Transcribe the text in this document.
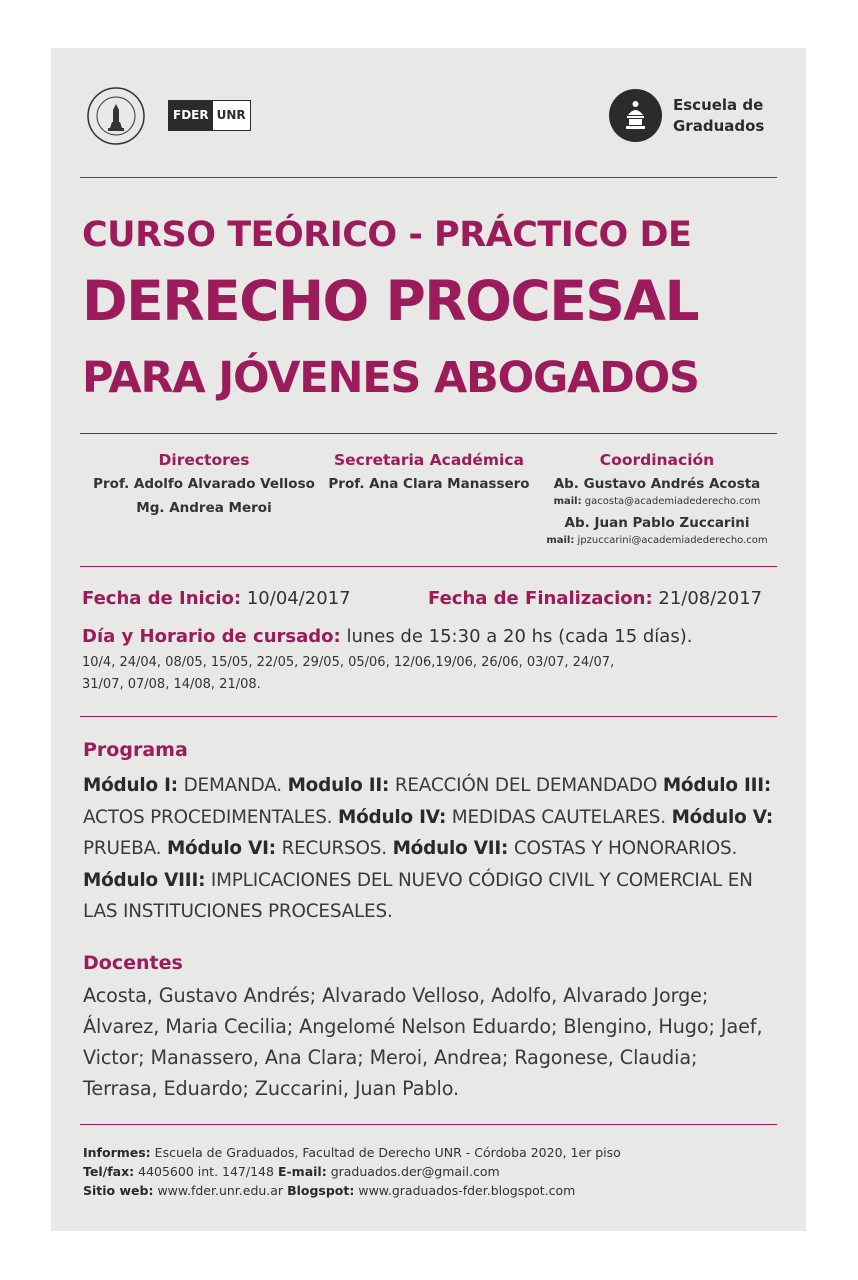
FDER UNR
Escuela de
Graduados
CURSO TEÓRICO - PRÁCTICO DE
DERECHO PROCESAL
PARA JÓVENES ABOGADOS
Directores
Prof. Adolfo Alvarado Velloso
Mg. Andrea Meroi
Secretaria Académica
Prof. Ana Clara Manassero
Coordinación
Ab. Gustavo Andrés Acosta
mail: gacosta@academiadederecho.com
Ab. Juan Pablo Zuccarini
mail: jpzuccarini@academiadederecho.com
Fecha de Inicio: 10/04/2017	Fecha de Finalizacion: 21/08/2017
Día y Horario de cursado: lunes de 15:30 a 20 hs (cada 15 días).
10/4, 24/04, 08/05, 15/05, 22/05, 29/05, 05/06, 12/06,19/06, 26/06, 03/07, 24/07,
31/07, 07/08, 14/08, 21/08.
Programa
Módulo I: DEMANDA. Modulo II: REACCIÓN DEL DEMANDADO Módulo III: ACTOS PROCEDIMENTALES. Módulo IV: MEDIDAS CAUTELARES. Módulo V: PRUEBA. Módulo VI: RECURSOS. Módulo VII: COSTAS Y HONORARIOS. Módulo VIII: IMPLICACIONES DEL NUEVO CÓDIGO CIVIL Y COMERCIAL EN LAS INSTITUCIONES PROCESALES.
Docentes
Acosta, Gustavo Andrés; Alvarado Velloso, Adolfo, Alvarado Jorge; Álvarez, Maria Cecilia; Angelomé Nelson Eduardo; Blengino, Hugo; Jaef, Victor; Manassero, Ana Clara; Meroi, Andrea; Ragonese, Claudia; Terrasa, Eduardo; Zuccarini, Juan Pablo.
Informes: Escuela de Graduados, Facultad de Derecho UNR - Córdoba 2020, 1er piso
Tel/fax: 4405600 int. 147/148 E-mail: graduados.der@gmail.com
Sitio web: www.fder.unr.edu.ar Blogspot: www.graduados-fder.blogspot.com
